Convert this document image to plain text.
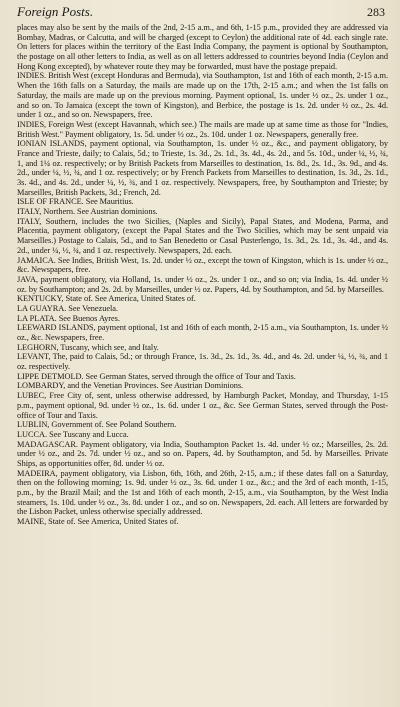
Foreign Posts.	283

places may also be sent by the mails of the 2nd, 2-15 a.m., and 6th, 1-15 p.m., provided they are addressed via Bombay, Madras, or Calcutta, and will be charged (except to Ceylon) the additional rate of 4d. each single rate. On letters for places within the territory of the East India Company, the payment is optional by Southampton, the postage on all other letters to India, as well as on all letters addressed to countries beyond India (Ceylon and Hong Kong excepted), by whatever route they may be forwarded, must have the postage prepaid.

INDIES. British West (except Honduras and Bermuda), via Southampton, 1st and 16th of each month, 2-15 a.m. When the 16th falls on a Saturday, the mails are made up on the 17th, 2-15 a.m.; and when the 1st falls on Saturday, the mails are made up on the previous morning. Payment optional, 1s. under ½ oz., 2s. under 1 oz., and so on. To Jamaica (except the town of Kingston), and Berbice, the postage is 1s. 2d. under ½ oz., 2s. 4d. under 1 oz., and so on. Newspapers, free.

INDIES, Foreign West (except Havannah, which see.) The mails are made up at same time as those for "Indies, British West." Payment obligatory, 1s. 5d. under ½ oz., 2s. 10d. under 1 oz. Newspapers, generally free.

IONIAN ISLANDS, payment optional, via Southampton, 1s. under ½ oz., &c., and payment obligatory, by France and Trieste, daily; to Calais, 5d.; to Trieste, 1s. 3d., 2s. 1d., 3s. 4d., 4s. 2d., and 5s. 10d., under ¼, ½, ¾, 1, and 1¼ oz. respectively; or by British Packets from Marseilles to destination, 1s. 8d., 2s. 1d., 3s. 9d., and 4s. 2d., under ¼, ½, ¾, and 1 oz. respectively; or by French Packets from Marseilles to destination, 1s. 3d., 2s. 1d., 3s. 4d., and 4s. 2d., under ¼, ½, ¾, and 1 oz. respectively. Newspapers, free, by Southampton and Trieste; by Marseilles, British Packets, 3d.; French, 2d.

ISLE OF FRANCE. See Mauritius.

ITALY, Northern. See Austrian dominions.

ITALY, Southern, includes the two Sicilies, (Naples and Sicily), Papal States, and Modena, Parma, and Placentia, payment obligatory, (except the Papal States and the Two Sicilies, which may be sent unpaid via Marseilles.) Postage to Calais, 5d., and to San Benedetto or Casal Pusterlengo, 1s. 3d., 2s. 1d., 3s. 4d., and 4s. 2d., under ¼, ½, ¾, and 1 oz. respectively. Newspapers, 2d. each.

JAMAICA. See Indies, British West, 1s. 2d. under ½ oz., except the town of Kingston, which is 1s. under ½ oz., &c. Newspapers, free.

JAVA, payment obligatory, via Holland, 1s. under ½ oz., 2s. under 1 oz., and so on; via India, 1s. 4d. under ½ oz. by Southampton; and 2s. 2d. by Marseilles, under ½ oz. Papers, 4d. by Southampton, and 5d. by Marseilles.

KENTUCKY, State of. See America, United States of.

LA GUAYRA. See Venezuela.

LA PLATA. See Buenos Ayres.

LEEWARD ISLANDS, payment optional, 1st and 16th of each month, 2-15 a.m., via Southampton, 1s. under ½ oz., &c. Newspapers, free.

LEGHORN, Tuscany, which see, and Italy.

LEVANT, The, paid to Calais, 5d.; or through France, 1s. 3d., 2s. 1d., 3s. 4d., and 4s. 2d. under ¼, ½, ¾, and 1 oz. respectively.

LIPPE DETMOLD. See German States, served through the office of Tour and Taxis.

LOMBARDY, and the Venetian Provinces. See Austrian Dominions.

LUBEC, Free City of, sent, unless otherwise addressed, by Hamburgh Packet, Monday, and Thursday, 1-15 p.m., payment optional, 9d. under ½ oz., 1s. 6d. under 1 oz., &c. See German States, served through the Post-office of Tour and Taxis.

LUBLIN, Government of. See Poland Southern.

LUCCA. See Tuscany and Lucca.

MADAGASCAR. Payment obligatory, via India, Southampton Packet 1s. 4d. under ½ oz.; Marseilles, 2s. 2d. under ½ oz., and 2s. 7d. under ½ oz., and so on. Papers, 4d. by Southampton, and 5d. by Marseilles. Private Ships, as opportunities offer, 8d. under ½ oz.

MADEIRA, payment obligatory, via Lisbon, 6th, 16th, and 26th, 2-15, a.m.; if these dates fall on a Saturday, then on the following morning; 1s. 9d. under ½ oz., 3s. 6d. under 1 oz., &c.; and the 3rd of each month, 1-15, p.m., by the Brazil Mail; and the 1st and 16th of each month, 2-15, a.m., via Southampton, by the West India steamers, 1s. 10d. under ½ oz., 3s. 8d. under 1 oz., and so on. Newspapers, 2d. each. All letters are forwarded by the Lisbon Packet, unless otherwise specially addressed.

MAINE, State of. See America, United States of.
